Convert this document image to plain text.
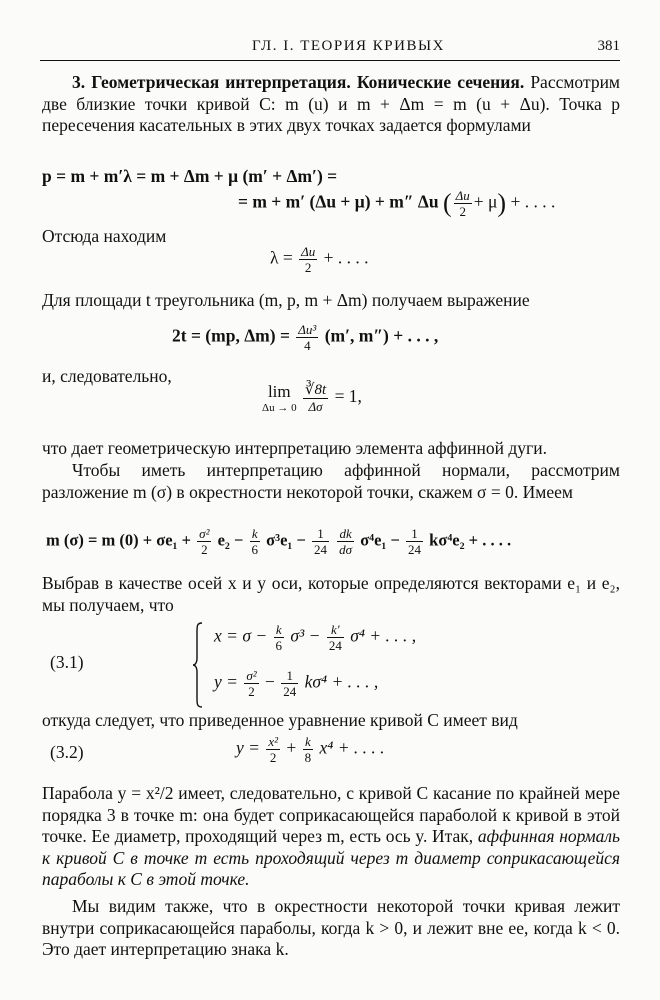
ГЛ. I. ТЕОРИЯ КРИВЫХ	381
3. Геометрическая интерпретация. Конические сечения. Рассмотрим две близкие точки кривой C: m (u) и m + Δm = m (u + Δu). Точка p пересечения касательных в этих двух точках задается формулами
p = m + m′λ = m + Δm + μ (m′ + Δm′) =
= m + m′ (Δu + μ) + m″ Δu ( $\frac{\Delta u}{2} + \mu$) + . . . .
Отсюда находим
$\lambda = \frac{\Delta u}{2}$ + . . . .
Для площади t треугольника (m, p, m + Δm) получаем выражение
2t = (mp, $\Delta m) = \frac{\text{Δu³}}{4} (m'$, m″) + . . . ,
и, следовательно,
lim
Δu → 0
$\frac{∛8t}{\Delta\sigma} = 1$,
что дает геометрическую интерпретацию элемента аффинной дуги.
Чтобы иметь интерпретацию аффинной нормали, рассмотрим разложение m (σ) в окрестности некоторой точки, скажем σ = 0. Имеем
m (σ) = m $(0) + \sigma e_1 + \frac{\text{σ²}}{2} e_2 - \frac{k}{6} \sigma^3e_1 - \frac{1}{24}$
$\frac{dk}{d\sigma} \sigma^4e_1 - \frac{1}{24} k\sigma^4e_2$ + . . . .
Выбрав в качестве осей x и y оси, которые определяются векторами e₁ и e₂, мы получаем, что
(3.1)
$x = \sigma - \frac{k}{6} \sigma^3 - \frac{k'}{24} \sigma^4$ + . . . ,
$y = \frac{\text{σ²}}{2} - \frac{1}{24} k\sigma^4$ + . . . ,
откуда следует, что приведенное уравнение кривой C имеет вид
(3.2)	$y = \frac{\text{x²}}{2} + \frac{k}{8} x^4$ + . . . .
Парабола y = x²/2 имеет, следовательно, с кривой C касание по крайней мере порядка 3 в точке m: она будет соприкасающейся параболой к кривой в этой точке. Ее диаметр, проходящий через m, есть ось y. Итак, аффинная нормаль к кривой C в точке m есть проходящий через m диаметр соприкасающейся параболы к C в этой точке.
Мы видим также, что в окрестности некоторой точки кривая лежит внутри соприкасающейся параболы, когда k > 0, и лежит вне ее, когда k < 0. Это дает интерпретацию знака k.
